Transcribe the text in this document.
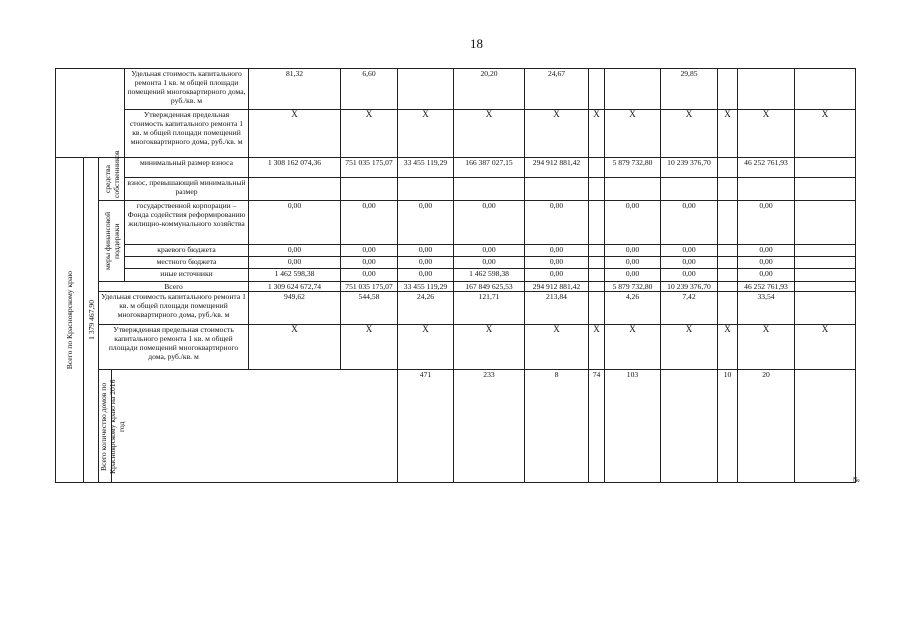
18
				Удельная стоимость капитального ремонта 1 кв. м общей площади помещений многоквартирного дома, руб./кв. м	81,32	6,60		20,20	24,67			29,85				
				Утвержденная предельная стоимость капитального ремонта 1 кв. м общей площади помещений многоквартирного дома, руб./кв. м	X	X	X	X	X	X	X	X	X	X	X	

Всего по Красноярскому краю	1 379 467,90	средства собственников		минимальный размер взноса	1 308 162 074,36	751 035 175,07	33 455 119,29	166 387 027,15	294 912 881,42		5 879 732,80	10 239 376,70		46 252 761,93		
				взнос, превышающий минимальный размер												

		меры финансовой поддержки		государственной корпорации – Фонда содействия реформированию жилищно-коммунального хозяйства	0,00	0,00	0,00	0,00	0,00		0,00	0,00		0,00		
				краевого бюджета	0,00	0,00	0,00	0,00	0,00		0,00	0,00		0,00		
				местного бюджета	0,00	0,00	0,00	0,00	0,00		0,00	0,00		0,00		
				иные источники	1 462 598,38	0,00	0,00	1 462 598,38	0,00		0,00	0,00		0,00		
		Всего			1 309 624 672,74	751 035 175,07	33 455 119,29	167 849 625,53	294 912 881,42		5 879 732,80	10 239 376,70		46 252 761,93		
		Удельная стоимость капитального ремонта 1 кв. м общей площади помещений многоквартирного дома, руб./кв. м			949,62	544,58	24,26	121,71	213,84		4,26	7,42		33,54		
		Утвержденная предельная стоимость капитального ремонта 1 кв. м общей площади помещений многоквартирного дома, руб./кв. м			X	X	X	X	X	X	X	X	X	X	X	

		Всего количество домов по Красноярскому краю на 2016 год					471	233	8	74	103		10	20			
№
